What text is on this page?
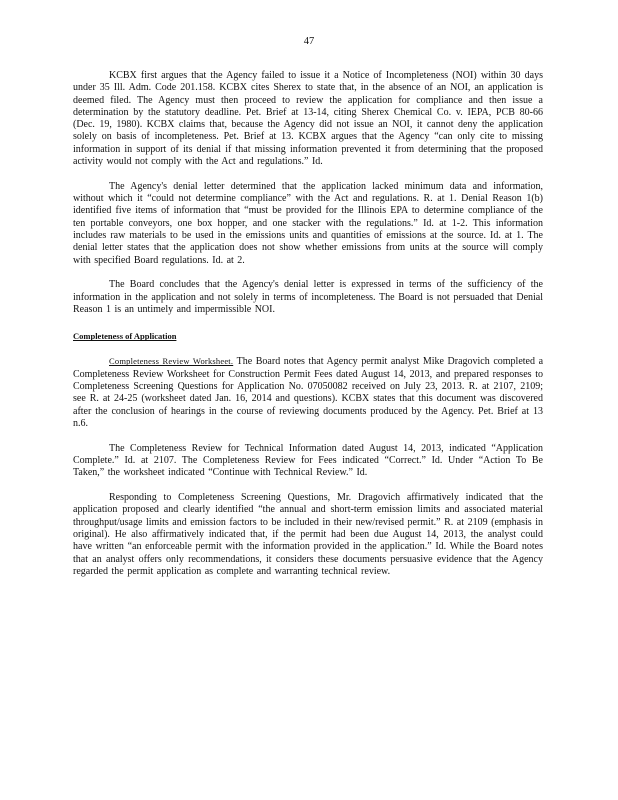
47

KCBX first argues that the Agency failed to issue it a Notice of Incompleteness (NOI) within 30 days under 35 Ill. Adm. Code 201.158. KCBX cites Sherex to state that, in the absence of an NOI, an application is deemed filed. The Agency must then proceed to review the application for compliance and then issue a determination by the statutory deadline. Pet. Brief at 13-14, citing Sherex Chemical Co. v. IEPA, PCB 80-66 (Dec. 19, 1980). KCBX claims that, because the Agency did not issue an NOI, it cannot deny the application solely on basis of incompleteness. Pet. Brief at 13. KCBX argues that the Agency “can only cite to missing information in support of its denial if that missing information prevented it from determining that the proposed activity would not comply with the Act and regulations.” Id.

The Agency's denial letter determined that the application lacked minimum data and information, without which it “could not determine compliance” with the Act and regulations. R. at 1. Denial Reason 1(b) identified five items of information that “must be provided for the Illinois EPA to determine compliance of the ten portable conveyors, one box hopper, and one stacker with the regulations.” Id. at 1-2. This information includes raw materials to be used in the emissions units and quantities of emissions at the source. Id. at 1. The denial letter states that the application does not show whether emissions from units at the source will comply with specified Board regulations. Id. at 2.

The Board concludes that the Agency's denial letter is expressed in terms of the sufficiency of the information in the application and not solely in terms of incompleteness. The Board is not persuaded that Denial Reason 1 is an untimely and impermissible NOI.

Completeness of Application

Completeness Review Worksheet. The Board notes that Agency permit analyst Mike Dragovich completed a Completeness Review Worksheet for Construction Permit Fees dated August 14, 2013, and prepared responses to Completeness Screening Questions for Application No. 07050082 received on July 23, 2013. R. at 2107, 2109; see R. at 24-25 (worksheet dated Jan. 16, 2014 and questions). KCBX states that this document was discovered after the conclusion of hearings in the course of reviewing documents produced by the Agency. Pet. Brief at 13 n.6.

The Completeness Review for Technical Information dated August 14, 2013, indicated “Application Complete.” Id. at 2107. The Completeness Review for Fees indicated “Correct.” Id. Under “Action To Be Taken,” the worksheet indicated “Continue with Technical Review.” Id.

Responding to Completeness Screening Questions, Mr. Dragovich affirmatively indicated that the application proposed and clearly identified “the annual and short-term emission limits and associated material throughput/usage limits and emission factors to be included in their new/revised permit.” R. at 2109 (emphasis in original). He also affirmatively indicated that, if the permit had been due August 14, 2013, the analyst could have written “an enforceable permit with the information provided in the application.” Id. While the Board notes that an analyst offers only recommendations, it considers these documents persuasive evidence that the Agency regarded the permit application as complete and warranting technical review.
